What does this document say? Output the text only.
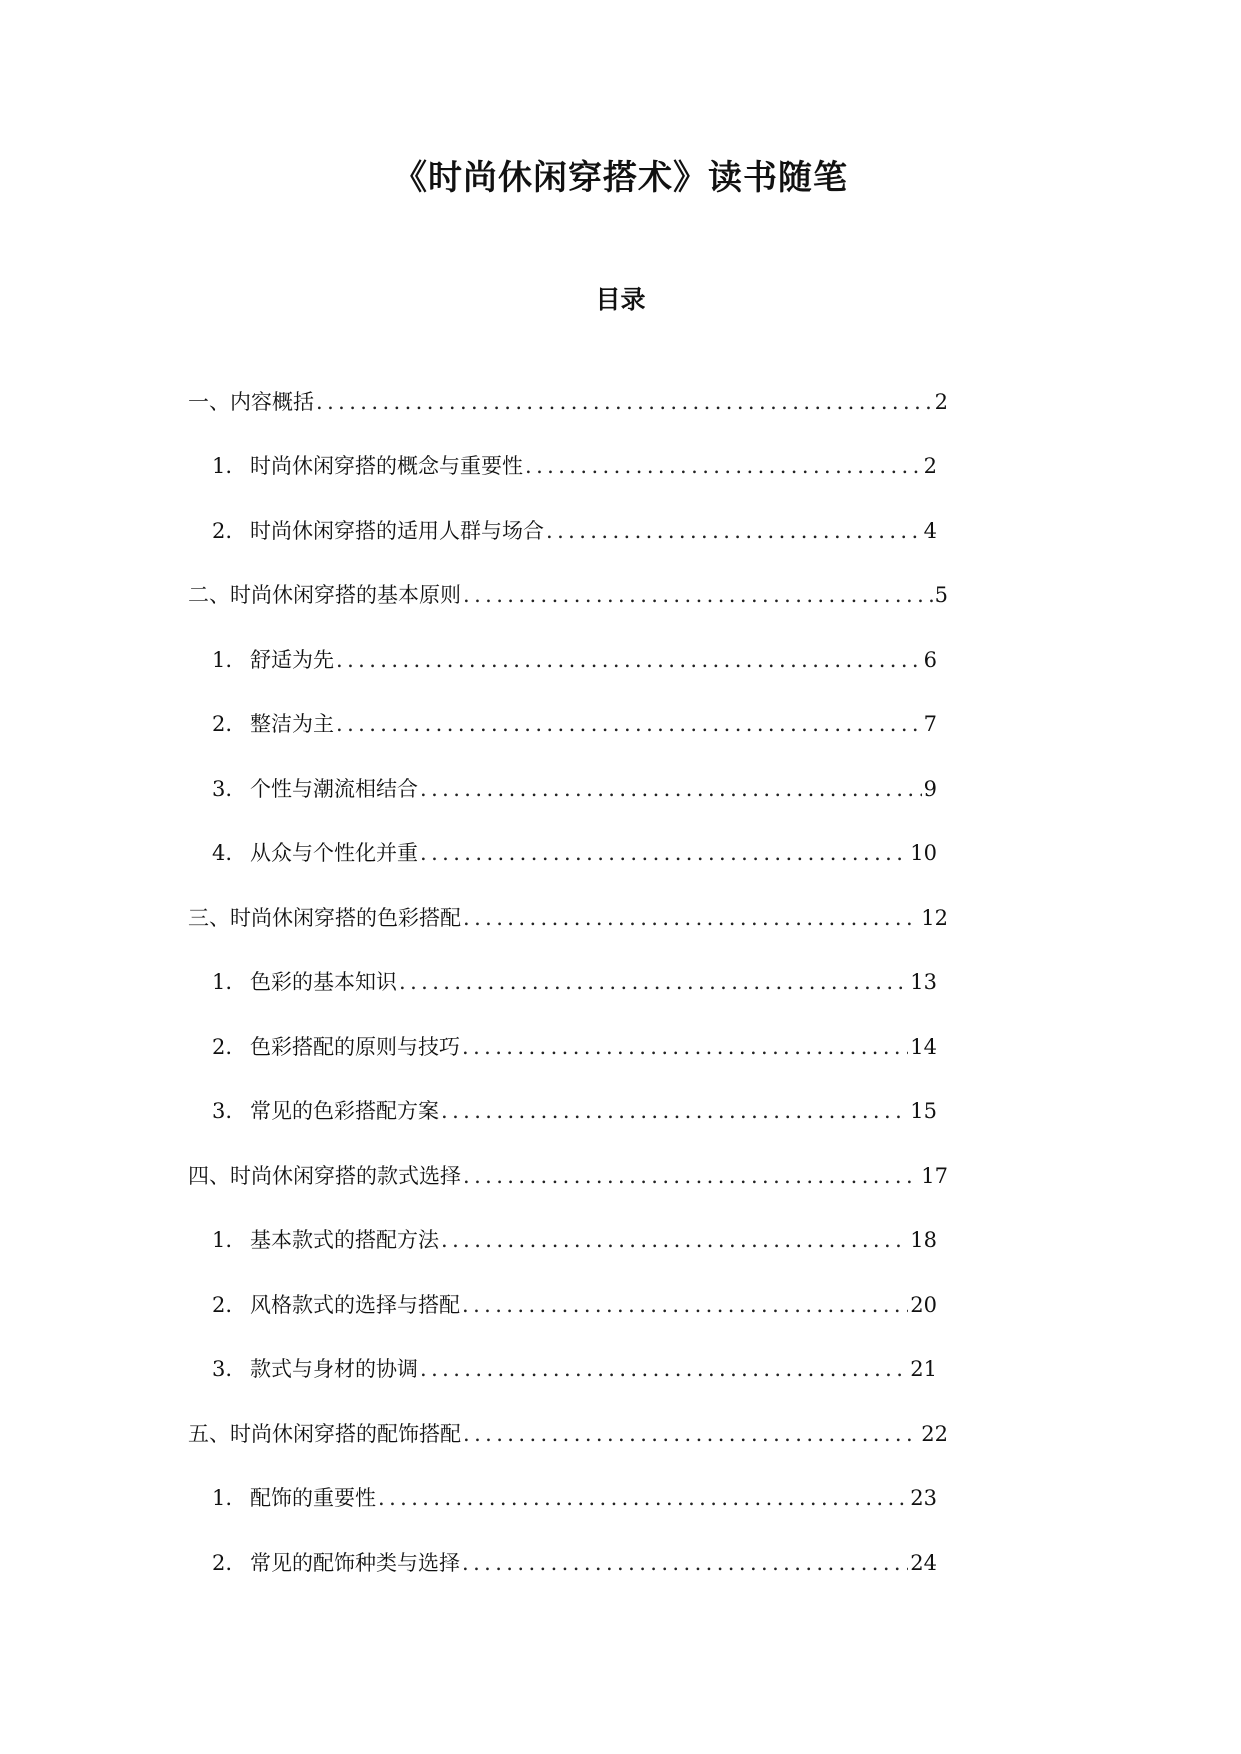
《时尚休闲穿搭术》读书随笔
目录
一、内容概括 .....	2
1. 时尚休闲穿搭的概念与重要性 .....	2
2. 时尚休闲穿搭的适用人群与场合 .....	4
二、时尚休闲穿搭的基本原则 .....	5
1. 舒适为先 .....	6
2. 整洁为主 .....	7
3. 个性与潮流相结合 .....	9
4. 从众与个性化并重 .....	10
三、时尚休闲穿搭的色彩搭配 .....	12
1. 色彩的基本知识 .....	13
2. 色彩搭配的原则与技巧 .....	14
3. 常见的色彩搭配方案 .....	15
四、时尚休闲穿搭的款式选择 .....	17
1. 基本款式的搭配方法 .....	18
2. 风格款式的选择与搭配 .....	20
3. 款式与身材的协调 .....	21
五、时尚休闲穿搭的配饰搭配 .....	22
1. 配饰的重要性 .....	23
2. 常见的配饰种类与选择 .....	24
